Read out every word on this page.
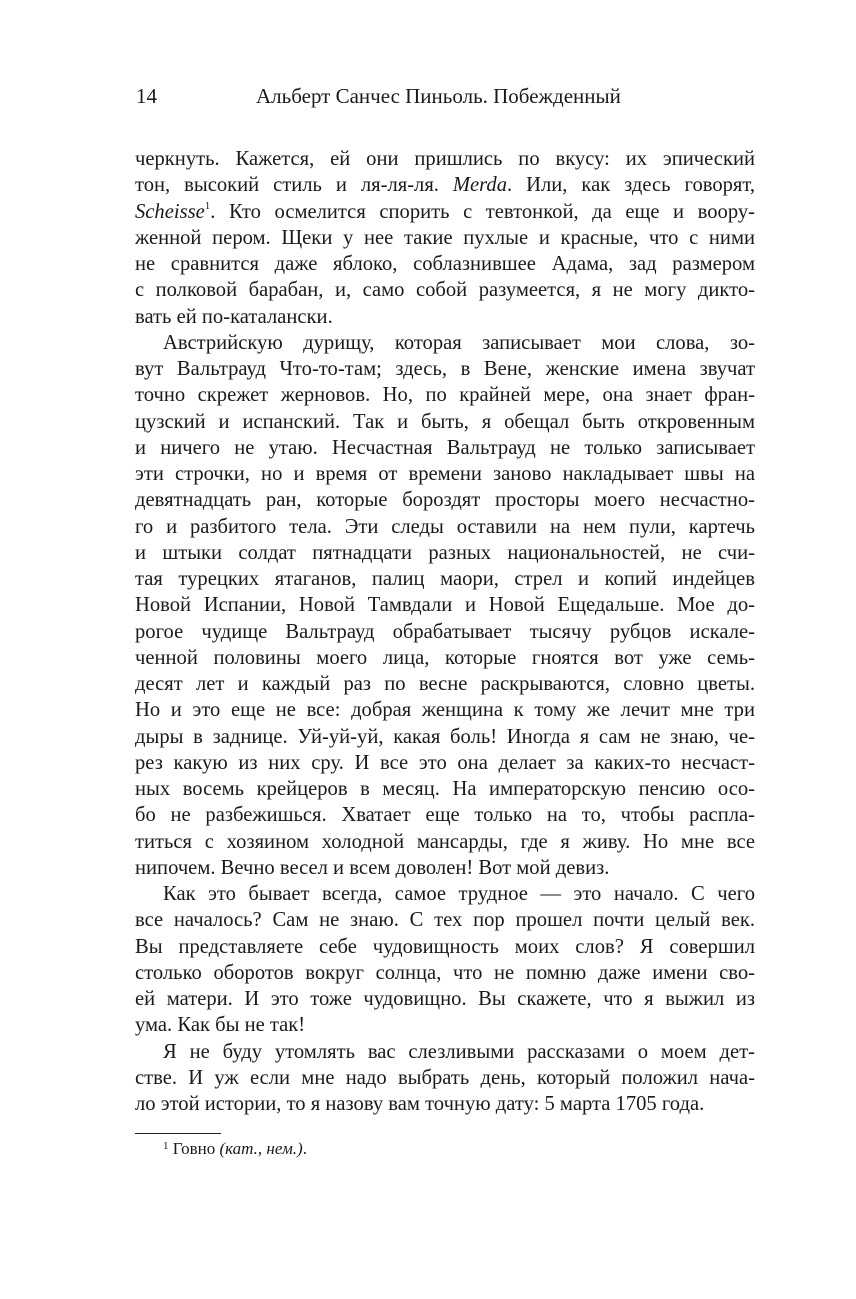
14	Альберт Санчес Пиньоль. Побежденный
черкнуть. Кажется, ей они пришлись по вкусу: их эпический
тон, высокий стиль и ля-ля-ля. Merda. Или, как здесь говорят,
Scheisse$^1$. Кто осмелится спорить с тевтонкой, да еще и воору-
женной пером. Щеки у нее такие пухлые и красные, что с ними
не сравнится даже яблоко, соблазнившее Адама, зад размером
с полковой барабан, и, само собой разумеется, я не могу дикто-
вать ей по-каталански.
Австрийскую дурищу, которая записывает мои слова, зо-
вут Вальтрауд Что-то-там; здесь, в Вене, женские имена звучат
точно скрежет жерновов. Но, по крайней мере, она знает фран-
цузский и испанский. Так и быть, я обещал быть откровенным
и ничего не утаю. Несчастная Вальтрауд не только записывает
эти строчки, но и время от времени заново накладывает швы на
девятнадцать ран, которые бороздят просторы моего несчастно-
го и разбитого тела. Эти следы оставили на нем пули, картечь
и штыки солдат пятнадцати разных национальностей, не счи-
тая турецких ятаганов, палиц маори, стрел и копий индейцев
Новой Испании, Новой Тамвдали и Новой Ещедальше. Мое до-
рогое чудище Вальтрауд обрабатывает тысячу рубцов искале-
ченной половины моего лица, которые гноятся вот уже семь-
десят лет и каждый раз по весне раскрываются, словно цветы.
Но и это еще не все: добрая женщина к тому же лечит мне три
дыры в заднице. Уй-уй-уй, какая боль! Иногда я сам не знаю, че-
рез какую из них сру. И все это она делает за каких-то несчаст-
ных восемь крейцеров в месяц. На императорскую пенсию осо-
бо не разбежишься. Хватает еще только на то, чтобы распла-
титься с хозяином холодной мансарды, где я живу. Но мне все
нипочем. Вечно весел и всем доволен! Вот мой девиз.
Как это бывает всегда, самое трудное — это начало. С чего
все началось? Сам не знаю. С тех пор прошел почти целый век.
Вы представляете себе чудовищность моих слов? Я совершил
столько оборотов вокруг солнца, что не помню даже имени сво-
ей матери. И это тоже чудовищно. Вы скажете, что я выжил из
ума. Как бы не так!
Я не буду утомлять вас слезливыми рассказами о моем дет-
стве. И уж если мне надо выбрать день, который положил нача-
ло этой истории, то я назову вам точную дату: 5 марта 1705 года.
$^1$ Говно (кат., нем.).
